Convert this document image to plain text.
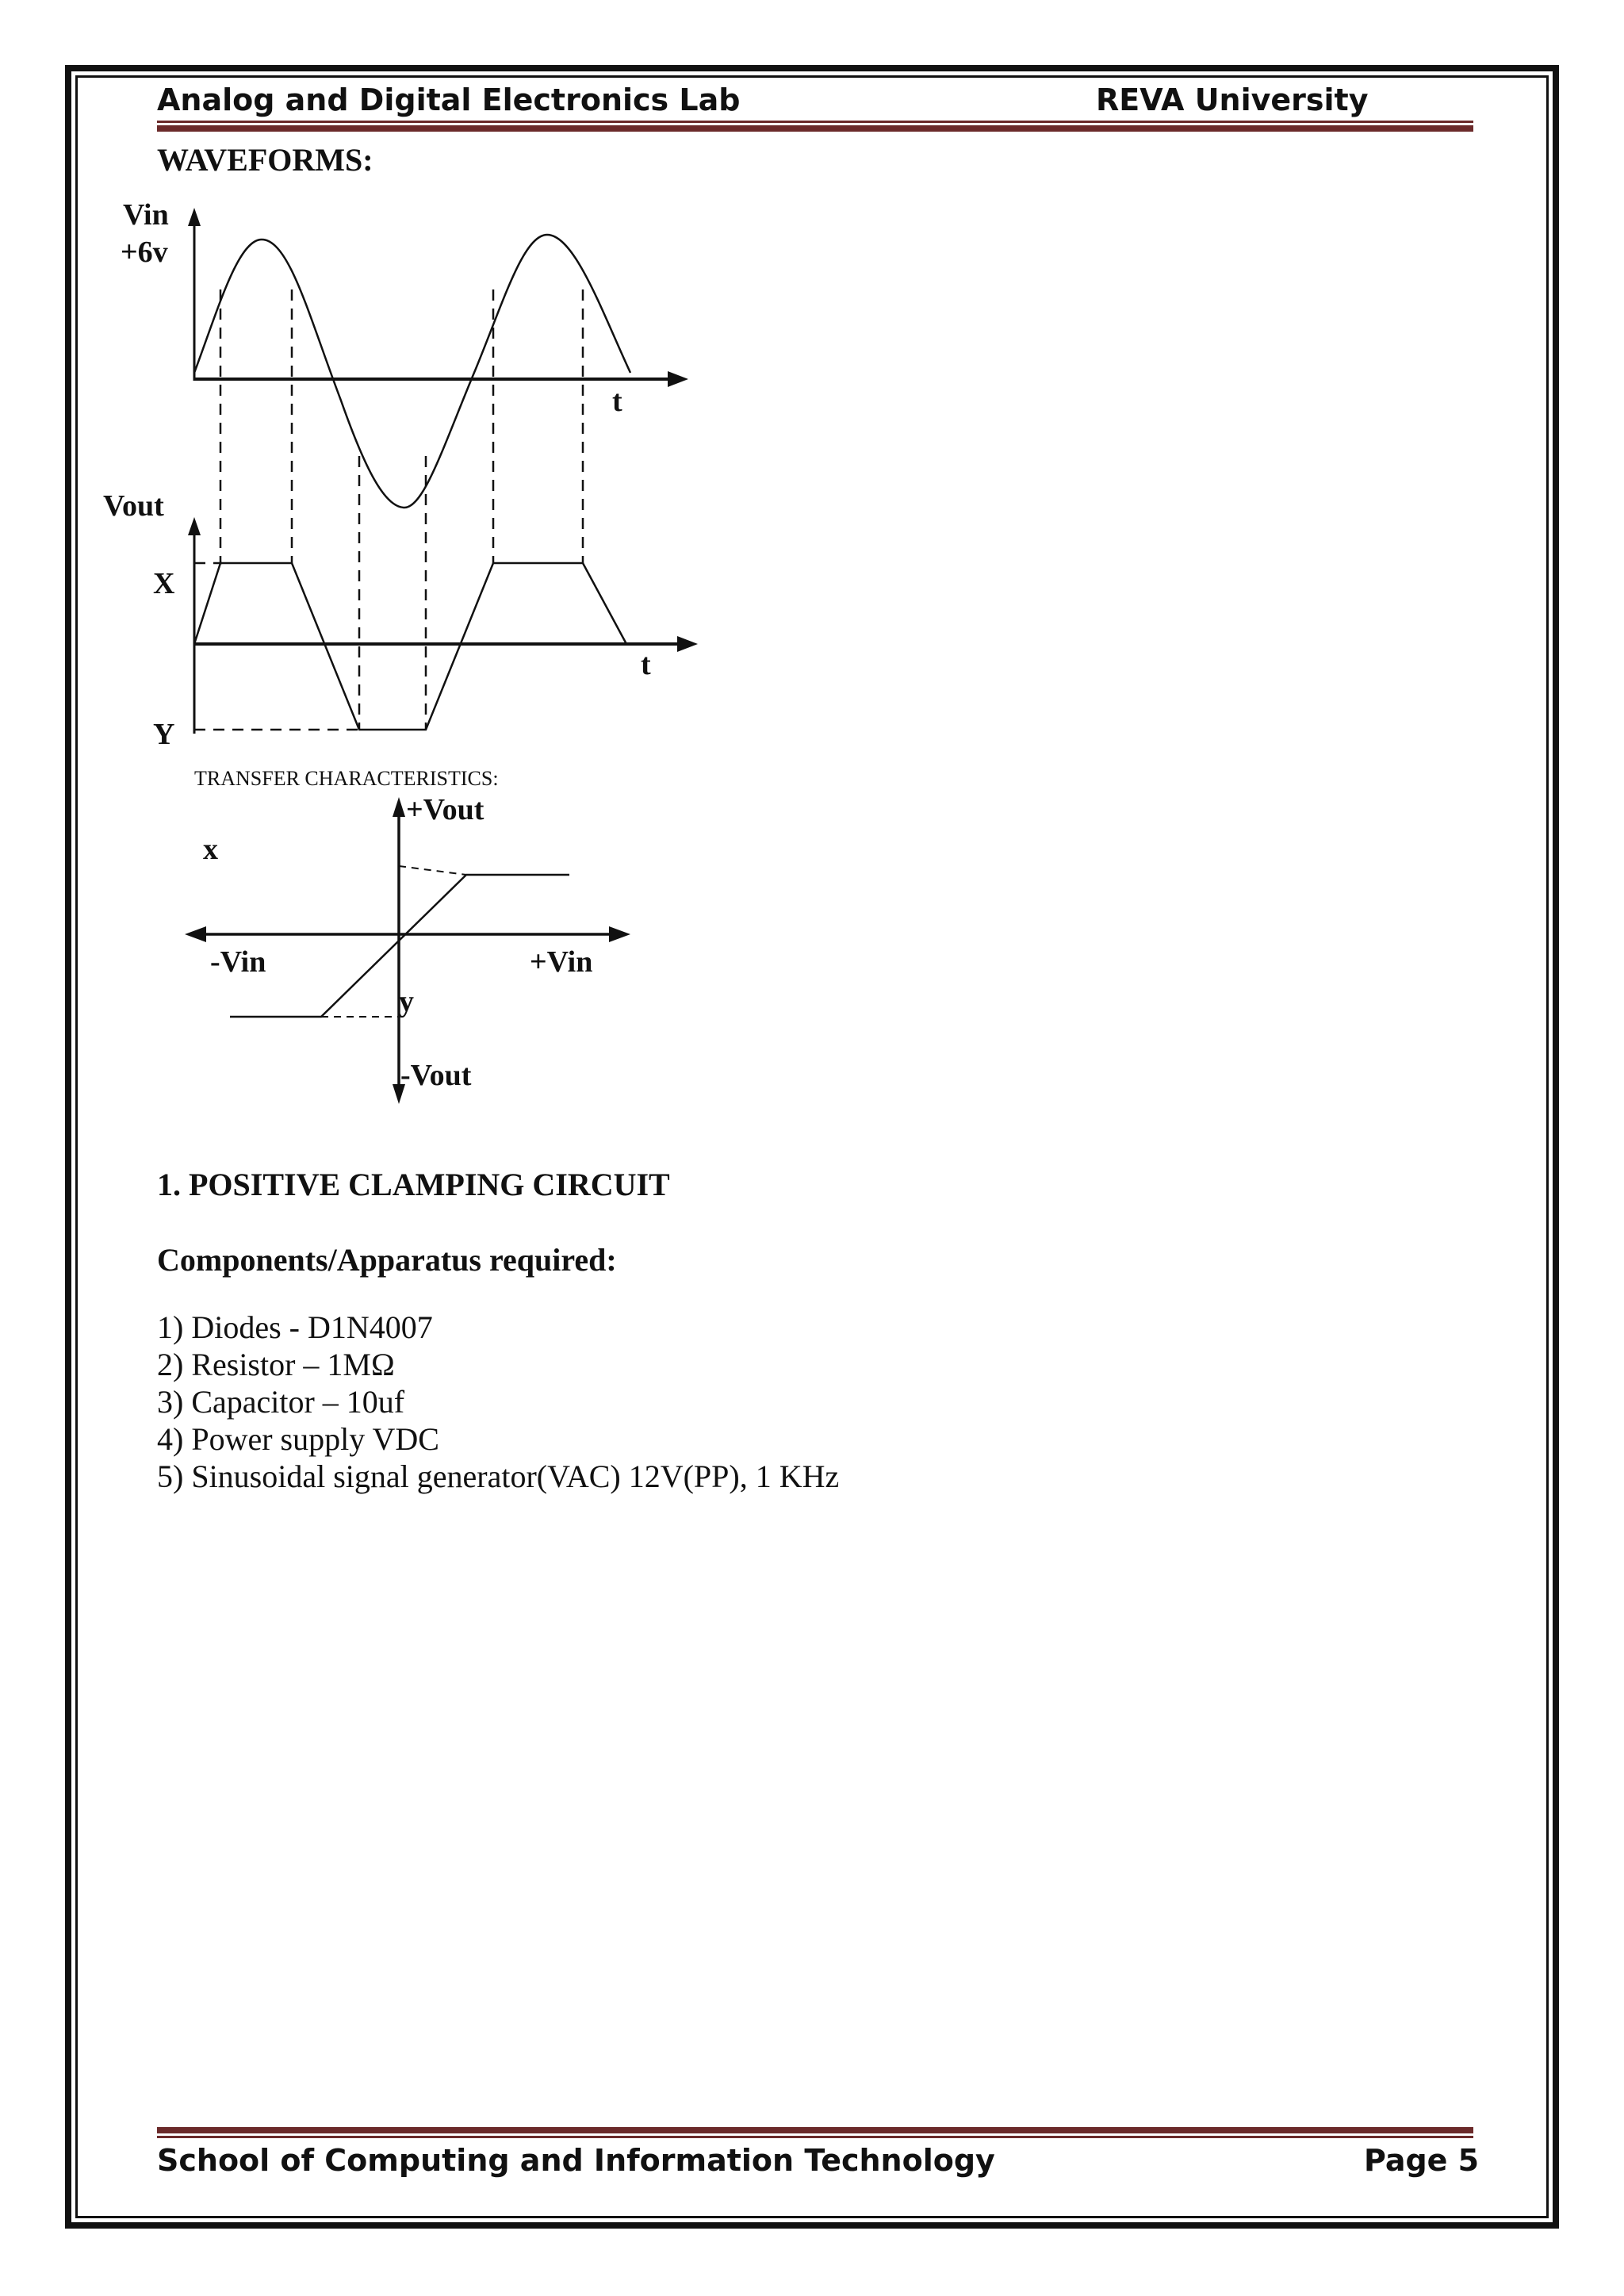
Analog and Digital Electronics Lab	REVA University
WAVEFORMS:
Vin
+6v
t
Vout
X
Y
t
TRANSFER CHARACTERISTICS:
+Vout
-Vout
-Vin	+Vin
x
y
1. POSITIVE CLAMPING CIRCUIT
Components/Apparatus required:
1) Diodes - D1N4007
2) Resistor – 1MΩ
3) Capacitor – 10uf
4) Power supply VDC
5) Sinusoidal signal generator(VAC) 12V(PP), 1 KHz
School of Computing and Information Technology	Page 5
